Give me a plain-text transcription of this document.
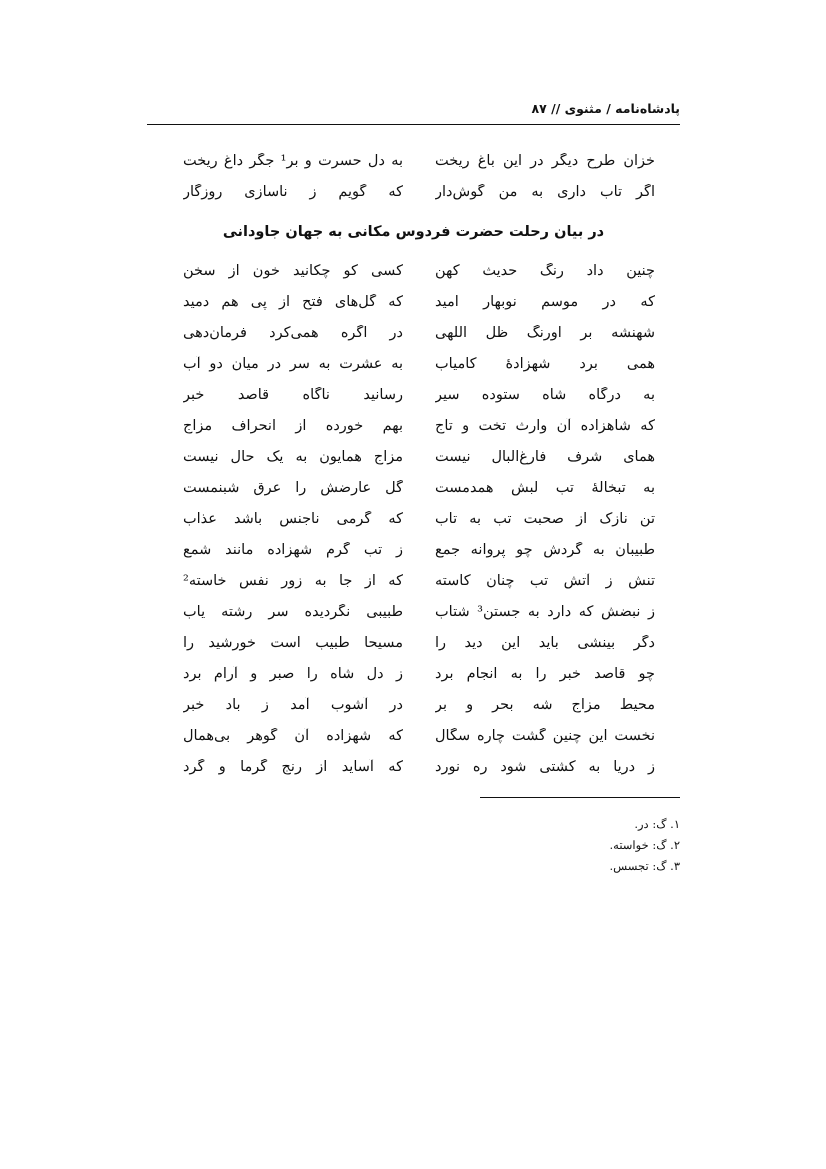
پادشاه‌نامه / مثنوی // ۸۷
خزان طرح دیگر در این باغ ریخت
به دل حسرت و بر¹ جگر داغ ریخت
اگر تاب داری به من گوش‌دار
که گویم ز ناسازی روزگار
در بیان رحلت حضرت فردوس مکانی به جهان جاودانی
چنین داد رنگ حدیث کهن
کسی کو چکانید خون از سخن
که در موسم نوبهار امید
که گل‌های فتح از پی هم دمید
شهنشه بر اورنگ ظل اللهی
در اگره همی‌کرد فرمان‌دهی
همی برد شهزادهٔ کامیاب
به عشرت به سر در میان دو آب
به درگاه شاه ستوده سیر
رسانید ناگاه قاصد خبر
که شاهزاده آن وارث تخت و تاج
بهم خورده از انحراف مزاج
همای شرف فارغ‌البال نیست
مزاج همایون به یک حال نیست
به تبخالهٔ تب لبش همدمست
گل عارضش را عرق شبنمست
تن نازک از صحبت تب به تاب
که گرمی ناجنس باشد عذاب
طبیبان به گردش چو پروانه جمع
ز تب گرم شهزاده مانند شمع
تنش ز آتش تب چنان کاسته
که از جا به زور نفس خاسته²
ز نبضش که دارد به جستن³ شتاب
طبیبی نگردیده سر رشته یاب
دگر بینشی باید این دید را
مسیحا طبیب است خورشید را
چو قاصد خبر را به انجام برد
ز دل شاه را صبر و آرام برد
محیط مزاج شه بحر و بر
در آشوب آمد ز باد خبر
نخست این چنین گشت چاره سگال
که شهزاده آن گوهر بی‌همال
ز دریا به کشتی شود ره نورد
که آساید از رنج گرما و گرد
۱. گ: در.
۲. گ: خواسته.
۳. گ: تجسس.
